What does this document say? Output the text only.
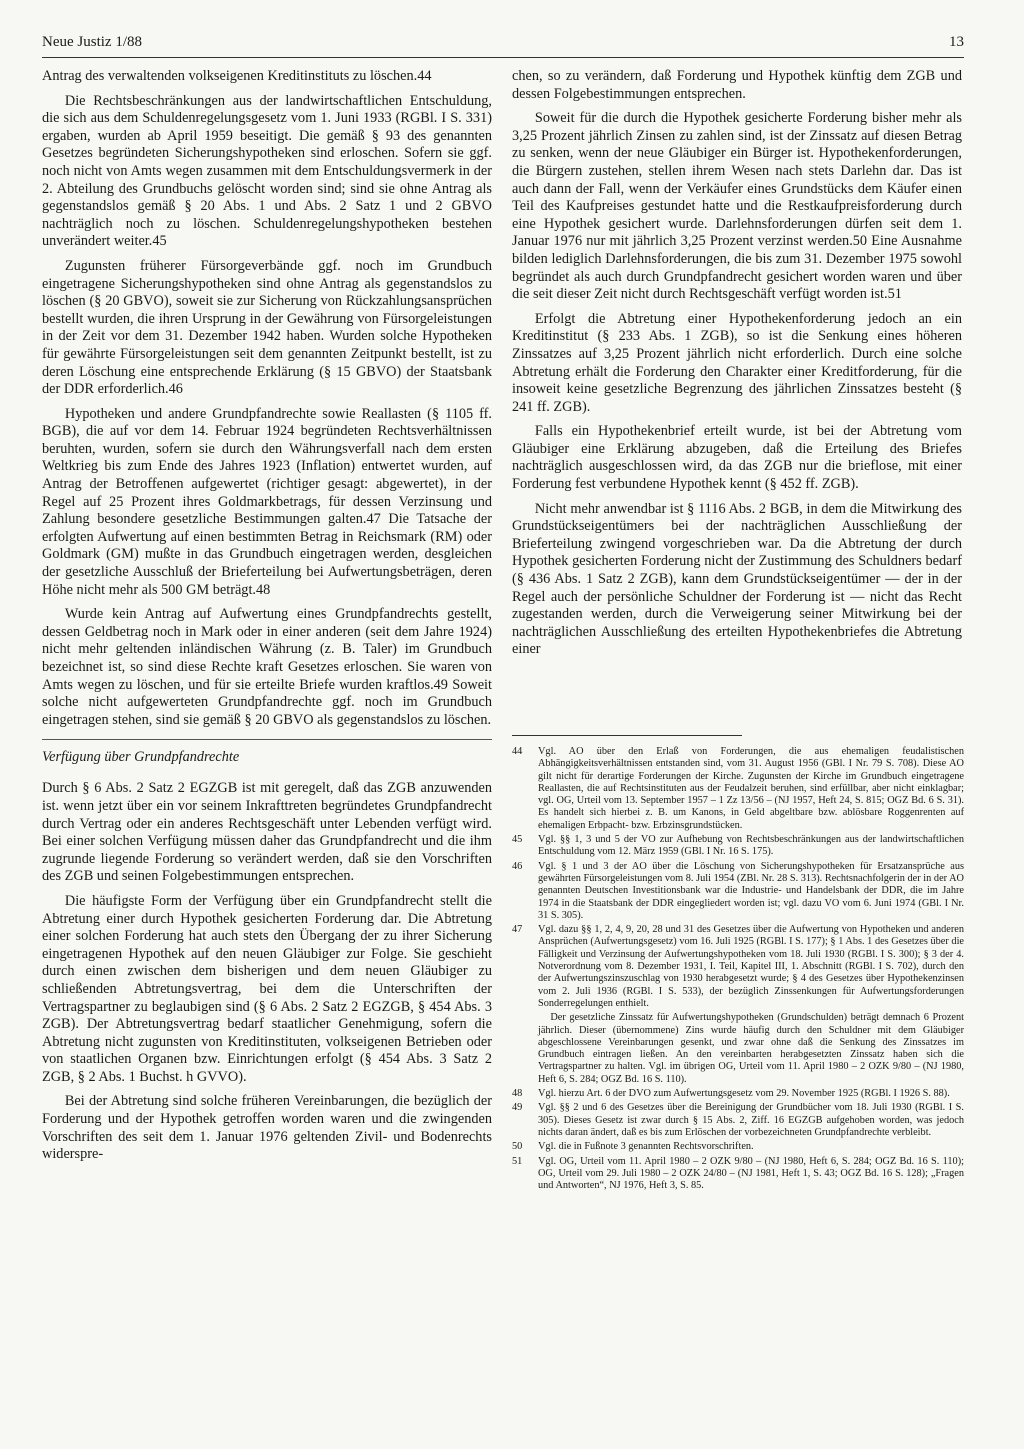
Neue Justiz 1/88	13

Antrag des verwaltenden volkseigenen Kreditinstituts zu löschen.44

Die Rechtsbeschränkungen aus der landwirtschaftlichen Entschuldung, die sich aus dem Schuldenregelungsgesetz vom 1. Juni 1933 (RGBl. I S. 331) ergaben, wurden ab April 1959 beseitigt. Die gemäß § 93 des genannten Gesetzes begründeten Sicherungshypotheken sind erloschen. Sofern sie ggf. noch nicht von Amts wegen zusammen mit dem Entschuldungsvermerk in der 2. Abteilung des Grundbuchs gelöscht worden sind; sind sie ohne Antrag als gegenstandslos gemäß § 20 Abs. 1 und Abs. 2 Satz 1 und 2 GBVO nachträglich noch zu löschen. Schuldenregelungshypotheken bestehen unverändert weiter.45

Zugunsten früherer Fürsorgeverbände ggf. noch im Grundbuch eingetragene Sicherungshypotheken sind ohne Antrag als gegenstandslos zu löschen (§ 20 GBVO), soweit sie zur Sicherung von Rückzahlungsansprüchen bestellt wurden, die ihren Ursprung in der Gewährung von Fürsorgeleistungen in der Zeit vor dem 31. Dezember 1942 haben. Wurden solche Hypotheken für gewährte Fürsorgeleistungen seit dem genannten Zeitpunkt bestellt, ist zu deren Löschung eine entsprechende Erklärung (§ 15 GBVO) der Staatsbank der DDR erforderlich.46

Hypotheken und andere Grundpfandrechte sowie Reallasten (§ 1105 ff. BGB), die auf vor dem 14. Februar 1924 begründeten Rechtsverhältnissen beruhten, wurden, sofern sie durch den Währungsverfall nach dem ersten Weltkrieg bis zum Ende des Jahres 1923 (Inflation) entwertet wurden, auf Antrag der Betroffenen aufgewertet (richtiger gesagt: abgewertet), in der Regel auf 25 Prozent ihres Goldmarkbetrags, für dessen Verzinsung und Zahlung besondere gesetzliche Bestimmungen galten.47 Die Tatsache der erfolgten Aufwertung auf einen bestimmten Betrag in Reichsmark (RM) oder Goldmark (GM) mußte in das Grundbuch eingetragen werden, desgleichen der gesetzliche Ausschluß der Brieferteilung bei Aufwertungsbeträgen, deren Höhe nicht mehr als 500 GM beträgt.48

Wurde kein Antrag auf Aufwertung eines Grundpfandrechts gestellt, dessen Geldbetrag noch in Mark oder in einer anderen (seit dem Jahre 1924) nicht mehr geltenden inländischen Währung (z. B. Taler) im Grundbuch bezeichnet ist, so sind diese Rechte kraft Gesetzes erloschen. Sie waren von Amts wegen zu löschen, und für sie erteilte Briefe wurden kraftlos.49 Soweit solche nicht aufgewerteten Grundpfandrechte ggf. noch im Grundbuch eingetragen stehen, sind sie gemäß § 20 GBVO als gegenstandslos zu löschen.

Verfügung über Grundpfandrechte

Durch § 6 Abs. 2 Satz 2 EGZGB ist mit geregelt, daß das ZGB anzuwenden ist. wenn jetzt über ein vor seinem Inkrafttreten begründetes Grundpfandrecht durch Vertrag oder ein anderes Rechtsgeschäft unter Lebenden verfügt wird. Bei einer solchen Verfügung müssen daher das Grundpfandrecht und die ihm zugrunde liegende Forderung so verändert werden, daß sie den Vorschriften des ZGB und seinen Folgebestimmungen entsprechen.

Die häufigste Form der Verfügung über ein Grundpfandrecht stellt die Abtretung einer durch Hypothek gesicherten Forderung dar. Die Abtretung einer solchen Forderung hat auch stets den Übergang der zu ihrer Sicherung eingetragenen Hypothek auf den neuen Gläubiger zur Folge. Sie geschieht durch einen zwischen dem bisherigen und dem neuen Gläubiger zu schließenden Abtretungsvertrag, bei dem die Unterschriften der Vertragspartner zu beglaubigen sind (§ 6 Abs. 2 Satz 2 EGZGB, § 454 Abs. 3 ZGB). Der Abtretungsvertrag bedarf staatlicher Genehmigung, sofern die Abtretung nicht zugunsten von Kreditinstituten, volkseigenen Betrieben oder von staatlichen Organen bzw. Einrichtungen erfolgt (§ 454 Abs. 3 Satz 2 ZGB, § 2 Abs. 1 Buchst. h GVVO).

Bei der Abtretung sind solche früheren Vereinbarungen, die bezüglich der Forderung und der Hypothek getroffen worden waren und die zwingenden Vorschriften des seit dem 1. Januar 1976 geltenden Zivil- und Bodenrechts widerspre-

chen, so zu verändern, daß Forderung und Hypothek künftig dem ZGB und dessen Folgebestimmungen entsprechen.

Soweit für die durch die Hypothek gesicherte Forderung bisher mehr als 3,25 Prozent jährlich Zinsen zu zahlen sind, ist der Zinssatz auf diesen Betrag zu senken, wenn der neue Gläubiger ein Bürger ist. Hypothekenforderungen, die Bürgern zustehen, stellen ihrem Wesen nach stets Darlehn dar. Das ist auch dann der Fall, wenn der Verkäufer eines Grundstücks dem Käufer einen Teil des Kaufpreises gestundet hatte und die Restkaufpreisforderung durch eine Hypothek gesichert wurde. Darlehnsforderungen dürfen seit dem 1. Januar 1976 nur mit jährlich 3,25 Prozent verzinst werden.50 Eine Ausnahme bilden lediglich Darlehnsforderungen, die bis zum 31. Dezember 1975 sowohl begründet als auch durch Grundpfandrecht gesichert worden waren und über die seit dieser Zeit nicht durch Rechtsgeschäft verfügt worden ist.51

Erfolgt die Abtretung einer Hypothekenforderung jedoch an ein Kreditinstitut (§ 233 Abs. 1 ZGB), so ist die Senkung eines höheren Zinssatzes auf 3,25 Prozent jährlich nicht erforderlich. Durch eine solche Abtretung erhält die Forderung den Charakter einer Kreditforderung, für die insoweit keine gesetzliche Begrenzung des jährlichen Zinssatzes besteht (§ 241 ff. ZGB).

Falls ein Hypothekenbrief erteilt wurde, ist bei der Abtretung vom Gläubiger eine Erklärung abzugeben, daß die Erteilung des Briefes nachträglich ausgeschlossen wird, da das ZGB nur die brieflose, mit einer Forderung fest verbundene Hypothek kennt (§ 452 ff. ZGB).

Nicht mehr anwendbar ist § 1116 Abs. 2 BGB, in dem die Mitwirkung des Grundstückseigentümers bei der nachträglichen Ausschließung der Brieferteilung zwingend vorgeschrieben war. Da die Abtretung der durch Hypothek gesicherten Forderung nicht der Zustimmung des Schuldners bedarf (§ 436 Abs. 1 Satz 2 ZGB), kann dem Grundstückseigentümer — der in der Regel auch der persönliche Schuldner der Forderung ist — nicht das Recht zugestanden werden, durch die Verweigerung seiner Mitwirkung bei der nachträglichen Ausschließung des erteilten Hypothekenbriefes die Abtretung einer

44	Vgl. AO über den Erlaß von Forderungen, die aus ehemaligen feudalistischen Abhängigkeitsverhältnissen entstanden sind, vom 31. August 1956 (GBl. I Nr. 79 S. 708). Diese AO gilt nicht für derartige Forderungen der Kirche. Zugunsten der Kirche im Grundbuch eingetragene Reallasten, die auf Rechtsinstituten aus der Feudalzeit beruhen, sind erfüllbar, aber nicht einklagbar; vgl. OG, Urteil vom 13. September 1957 – 1 Zz 13/56 – (NJ 1957, Heft 24, S. 815; OGZ Bd. 6 S. 31). Es handelt sich hierbei z. B. um Kanons, in Geld abgeltbare bzw. ablösbare Roggenrenten auf ehemaligen Erbpacht- bzw. Erbzinsgrundstücken.
45	Vgl. §§ 1, 3 und 5 der VO zur Aufhebung von Rechtsbeschränkungen aus der landwirtschaftlichen Entschuldung vom 12. März 1959 (GBl. I Nr. 16 S. 175).
46	Vgl. § 1 und 3 der AO über die Löschung von Sicherungshypotheken für Ersatzansprüche aus gewährten Fürsorgeleistungen vom 8. Juli 1954 (ZBl. Nr. 28 S. 313). Rechtsnachfolgerin der in der AO genannten Deutschen Investitionsbank war die Industrie- und Handelsbank der DDR, die im Jahre 1974 in die Staatsbank der DDR eingegliedert worden ist; vgl. dazu VO vom 6. Juni 1974 (GBl. I Nr. 31 S. 305).
47	Vgl. dazu §§ 1, 2, 4, 9, 20, 28 und 31 des Gesetzes über die Aufwertung von Hypotheken und anderen Ansprüchen (Aufwertungsgesetz) vom 16. Juli 1925 (RGBl. I S. 177); § 1 Abs. 1 des Gesetzes über die Fälligkeit und Verzinsung der Aufwertungshypotheken vom 18. Juli 1930 (RGBl. I S. 300); § 3 der 4. Notverordnung vom 8. Dezember 1931, I. Teil, Kapitel III, 1. Abschnitt (RGBl. I S. 702), durch den der Aufwertungszinszuschlag von 1930 herabgesetzt wurde; § 4 des Gesetzes über Hypothekenzinsen vom 2. Juli 1936 (RGBl. I S. 533), der bezüglich Zinssenkungen für Aufwertungsforderungen Sonderregelungen enthielt.

Der gesetzliche Zinssatz für Aufwertungshypotheken (Grundschulden) beträgt demnach 6 Prozent jährlich. Dieser (übernommene) Zins wurde häufig durch den Schuldner mit dem Gläubiger abgeschlossene Vereinbarungen gesenkt, und zwar ohne daß die Senkung des Zinssatzes im Grundbuch eintragen ließen. An den vereinbarten herabgesetzten Zinssatz haben sich die Vertragspartner zu halten. Vgl. im übrigen OG, Urteil vom 11. April 1980 – 2 OZK 9/80 – (NJ 1980, Heft 6, S. 284; OGZ Bd. 16 S. 110).

48	Vgl. hierzu Art. 6 der DVO zum Aufwertungsgesetz vom 29. November 1925 (RGBl. I 1926 S. 88).
49	Vgl. §§ 2 und 6 des Gesetzes über die Bereinigung der Grundbücher vom 18. Juli 1930 (RGBl. I S. 305). Dieses Gesetz ist zwar durch § 15 Abs. 2, Ziff. 16 EGZGB aufgehoben worden, was jedoch nichts daran ändert, daß es bis zum Erlöschen der vorbezeichneten Grundpfandrechte verbleibt.
50	Vgl. die in Fußnote 3 genannten Rechtsvorschriften.
51	Vgl. OG, Urteil vom 11. April 1980 – 2 OZK 9/80 – (NJ 1980, Heft 6, S. 284; OGZ Bd. 16 S. 110); OG, Urteil vom 29. Juli 1980 – 2 OZK 24/80 – (NJ 1981, Heft 1, S. 43; OGZ Bd. 16 S. 128); „Fragen und Antworten“, NJ 1976, Heft 3, S. 85.
